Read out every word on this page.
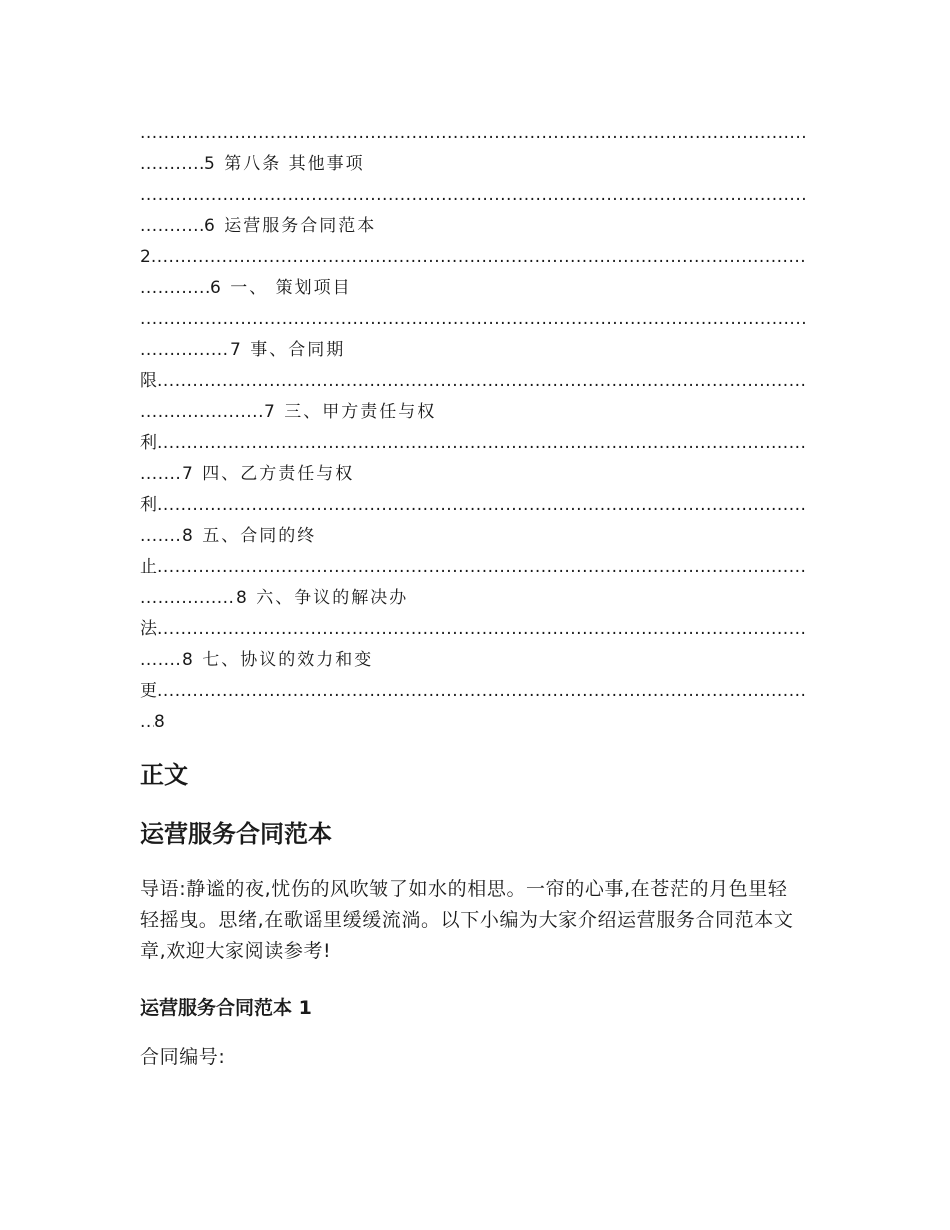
.....
.....
5 第八条 其他事项
.....
.....
6 运营服务合同范本
2
.....
.....
6 一、 策划项目
.....
.....
7 事、合同期
限
.....
.....
7 三、甲方责任与权
利
.....
.....
7 四、乙方责任与权
利
.....
.....
8 五、合同的终
止
.....
.....
8 六、争议的解决办
法
.....
.....
8 七、协议的效力和变
更
.....
.....
8
正文
运营服务合同范本

导语:静谧的夜,忧伤的风吹皱了如水的相思。一帘的心事,在苍茫的月色里轻轻摇曳。思绪,在歌谣里缓缓流淌。以下小编为大家介绍运营服务合同范本文章,欢迎大家阅读参考!

运营服务合同范本 1

合同编号:
